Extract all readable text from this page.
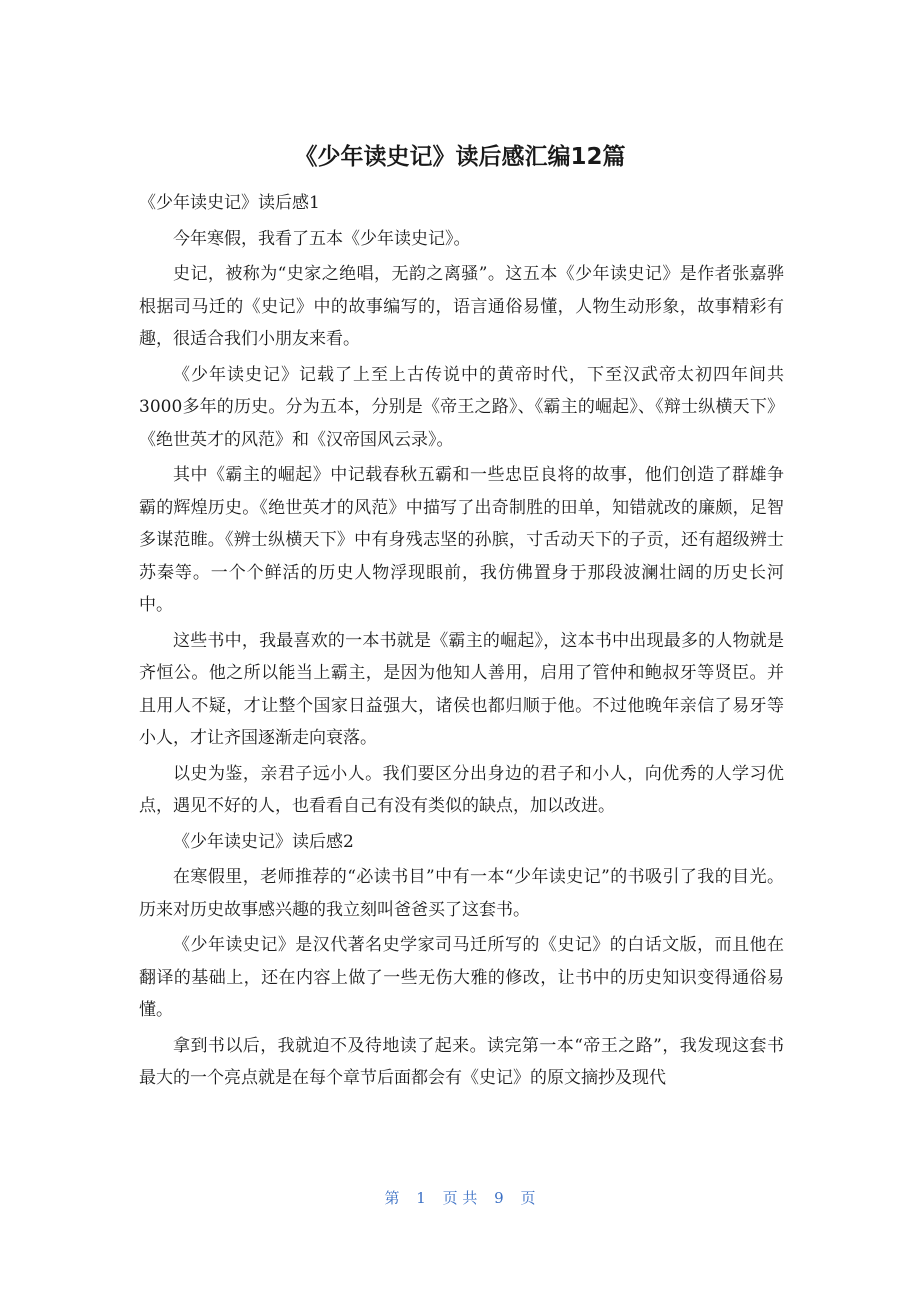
《少年读史记》读后感汇编12篇

《少年读史记》读后感1

今年寒假，我看了五本《少年读史记》。

史记，被称为“史家之绝唱，无韵之离骚”。这五本《少年读史记》是作者张嘉骅根据司马迁的《史记》中的故事编写的，语言通俗易懂，人物生动形象，故事精彩有趣，很适合我们小朋友来看。

《少年读史记》记载了上至上古传说中的黄帝时代，下至汉武帝太初四年间共3000多年的历史。分为五本，分别是《帝王之路》、《霸主的崛起》、《辩士纵横天下》《绝世英才的风范》和《汉帝国风云录》。

其中《霸主的崛起》中记载春秋五霸和一些忠臣良将的故事，他们创造了群雄争霸的辉煌历史。《绝世英才的风范》中描写了出奇制胜的田单，知错就改的廉颇，足智多谋范睢。《辨士纵横天下》中有身残志坚的孙膑，寸舌动天下的子贡，还有超级辨士苏秦等。一个个鲜活的历史人物浮现眼前，我仿佛置身于那段波澜壮阔的历史长河中。

这些书中，我最喜欢的一本书就是《霸主的崛起》，这本书中出现最多的人物就是齐恒公。他之所以能当上霸主，是因为他知人善用，启用了管仲和鲍叔牙等贤臣。并且用人不疑，才让整个国家日益强大，诸侯也都归顺于他。不过他晚年亲信了易牙等小人，才让齐国逐渐走向衰落。

以史为鉴，亲君子远小人。我们要区分出身边的君子和小人，向优秀的人学习优点，遇见不好的人，也看看自己有没有类似的缺点，加以改进。

《少年读史记》读后感2

在寒假里，老师推荐的“必读书目”中有一本“少年读史记”的书吸引了我的目光。历来对历史故事感兴趣的我立刻叫爸爸买了这套书。

《少年读史记》是汉代著名史学家司马迁所写的《史记》的白话文版，而且他在翻译的基础上，还在内容上做了一些无伤大雅的修改，让书中的历史知识变得通俗易懂。

拿到书以后，我就迫不及待地读了起来。读完第一本“帝王之路”，我发现这套书最大的一个亮点就是在每个章节后面都会有《史记》的原文摘抄及现代

第 1 页 共 9 页
